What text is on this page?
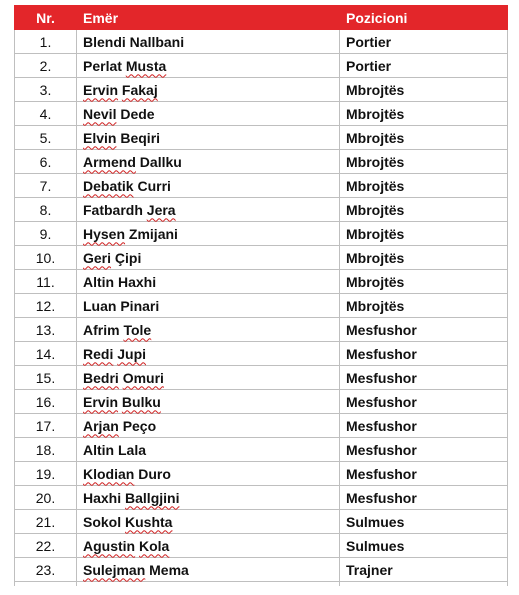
Nr.	Emër	Pozicioni
1.	Blendi Nallbani	Portier
2.	Perlat Musta	Portier
3.	Ervin Fakaj	Mbrojtës
4.	Nevil Dede	Mbrojtës
5.	Elvin Beqiri	Mbrojtës
6.	Armend Dallku	Mbrojtës
7.	Debatik Curri	Mbrojtës
8.	Fatbardh Jera	Mbrojtës
9.	Hysen Zmijani	Mbrojtës
10.	Geri Çipi	Mbrojtës
11.	Altin Haxhi	Mbrojtës
12.	Luan Pinari	Mbrojtës
13.	Afrim Tole	Mesfushor
14.	Redi Jupi	Mesfushor
15.	Bedri Omuri	Mesfushor
16.	Ervin Bulku	Mesfushor
17.	Arjan Peço	Mesfushor
18.	Altin Lala	Mesfushor
19.	Klodian Duro	Mesfushor
20.	Haxhi Ballgjini	Mesfushor
21.	Sokol Kushta	Sulmues
22.	Agustin Kola	Sulmues
23.	Sulejman Mema	Trajner
